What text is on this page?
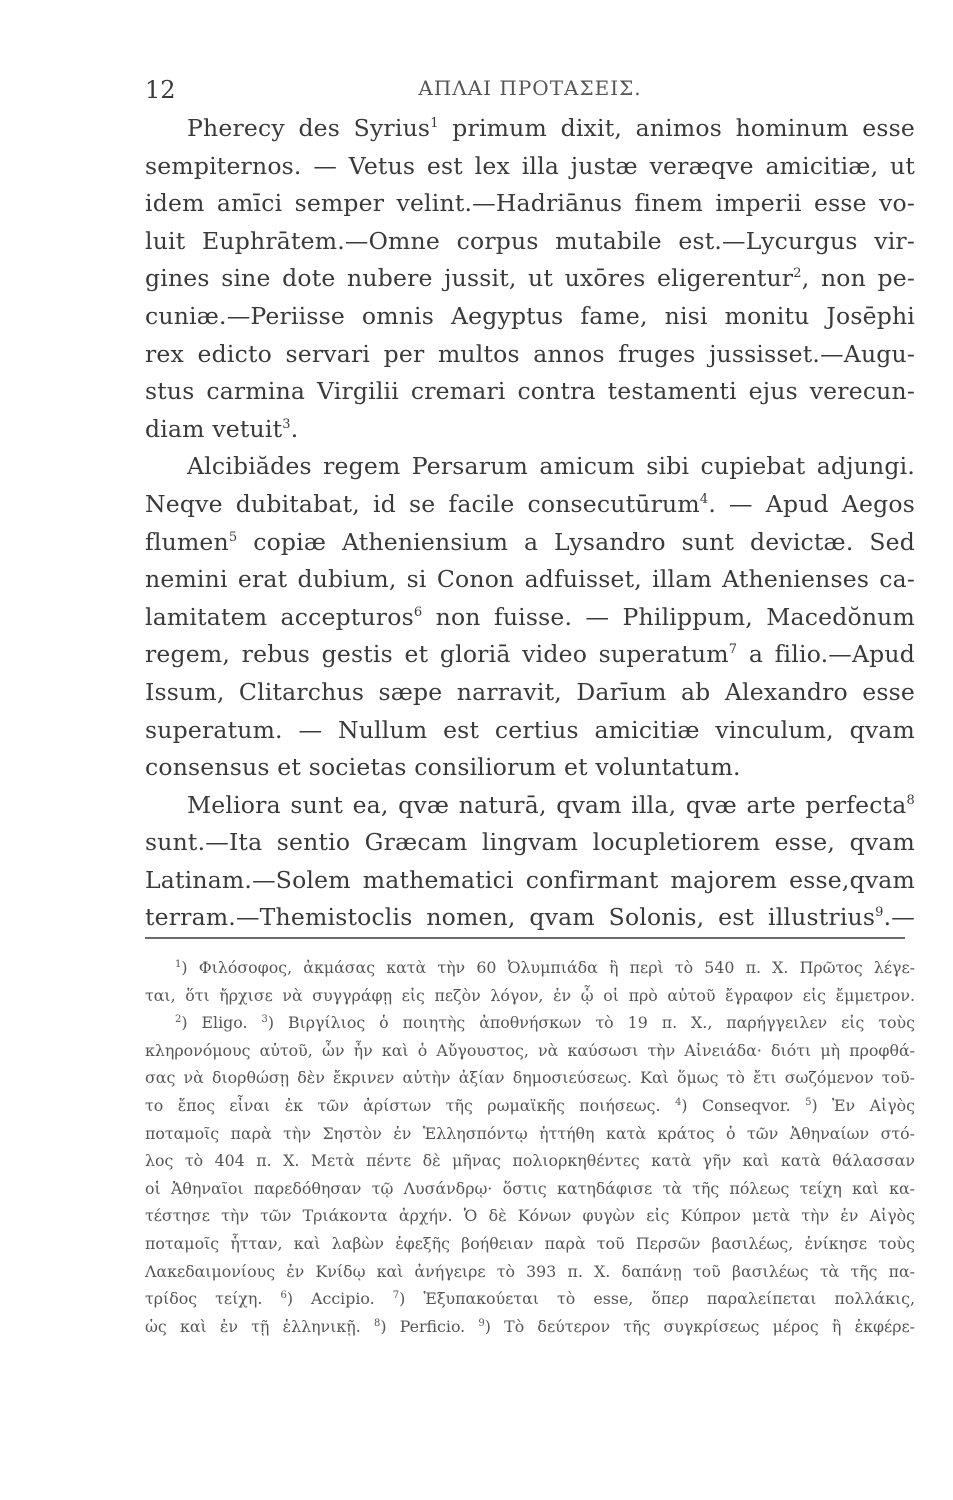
12	ΑΠΛΑΙ ΠΡΟΤΑΣΕΙΣ.
Pherecy des Syrius$^1$ primum dixit, animos hominum esse
sempiternos. — Vetus est lex illa justæ veræqve amicitiæ, ut
idem amīci semper velint.—Hadriānus finem imperii esse vo-
luit Euphrātem.—Omne corpus mutabile est.—Lycurgus vir-
gines sine dote nubere jussit, ut uxōres eligerentur$^2$, non pe-
cuniæ.—Periisse omnis Aegyptus fame, nisi monitu Josēphi
rex edicto servari per multos annos fruges jussisset.—Augu-
stus carmina Virgilii cremari contra testamenti ejus verecun-
diam vetuit$^3$.
Alcibiădes regem Persarum amicum sibi cupiebat adjungi.
Neqve dubitabat, id se facile consecutūrum$^4$. — Apud Aegos
flumen$^5$ copiæ Atheniensium a Lysandro sunt devictæ. Sed
nemini erat dubium, si Conon adfuisset, illam Athenienses ca-
lamitatem accepturos$^6$ non fuisse. — Philippum, Macedŏnum
regem, rebus gestis et gloriā video superatum$^7$ a filio.—Apud
Issum, Clitarchus sæpe narravit, Darīum ab Alexandro esse
superatum. — Nullum est certius amicitiæ vinculum, qvam
consensus et societas consiliorum et voluntatum.
Meliora sunt ea, qvæ naturā, qvam illa, qvæ arte perfecta$^8$
sunt.—Ita sentio Græcam lingvam locupletiorem esse, qvam
Latinam.—Solem mathematici confirmant majorem esse,qvam
terram.—Themistoclis nomen, qvam Solonis, est illustrius$^9$.—
$^1$) Φιλόσοφος, ἀκμάσας κατὰ τὴν 60 Ὀλυμπιάδα ἢ περὶ τὸ 540 π. Χ. Πρῶτος λέγε-
ται, ὅτι ἤρχισε νὰ συγγράφῃ εἰς πεζὸν λόγον, ἐν ᾧ οἱ πρὸ αὐτοῦ ἔγραφον εἰς ἔμμετρον.
$^2$) Eligo. $^3$) Βιργίλιος ὁ ποιητὴς ἀποθνήσκων τὸ 19 π. Χ., παρήγγειλεν εἰς τοὺς
κληρονόμους αὐτοῦ, ὧν ἦν καὶ ὁ Αὔγουστος, νὰ καύσωσι τὴν Αἰνειάδα· διότι μὴ προφθά-
σας νὰ διορθώσῃ δὲν ἔκρινεν αὐτὴν ἀξίαν δημοσιεύσεως. Καὶ ὅμως τὸ ἔτι σωζόμενον τοῦ-
το ἔπος εἶναι ἐκ τῶν ἀρίστων τῆς ρωμαϊκῆς ποιήσεως. $^4$) Conseqvor. $^5$) Ἐν Αἰγὸς
ποταμοῖς παρὰ τὴν Σηστὸν ἐν Ἑλλησπόντῳ ἡττήθη κατὰ κράτος ὁ τῶν Ἀθηναίων στό-
λος τὸ 404 π. Χ. Μετὰ πέντε δὲ μῆνας πολιορκηθέντες κατὰ γῆν καὶ κατὰ θάλασσαν
οἱ Ἀθηναῖοι παρεδόθησαν τῷ Λυσάνδρῳ· ὅστις κατηδάφισε τὰ τῆς πόλεως τείχη καὶ κα-
τέστησε τὴν τῶν Τριάκοντα ἀρχήν. Ὁ δὲ Κόνων φυγὼν εἰς Κύπρον μετὰ τὴν ἐν Αἰγὸς
ποταμοῖς ἧτταν, καὶ λαβὼν ἐφεξῆς βοήθειαν παρὰ τοῦ Περσῶν βασιλέως, ἐνίκησε τοὺς
Λακεδαιμονίους ἐν Κνίδῳ καὶ ἀνήγειρε τὸ 393 π. Χ. δαπάνῃ τοῦ βασιλέως τὰ τῆς πα-
τρίδος τείχη. $^6$) Accipio. $^7$) Ἐξυπακούεται τὸ esse, ὅπερ παραλείπεται πολλάκις,
ὡς καὶ ἐν τῇ ἑλληνικῇ. $^8$) Perficio. $^9$) Τὸ δεύτερον τῆς συγκρίσεως μέρος ἢ ἐκφέρε-
